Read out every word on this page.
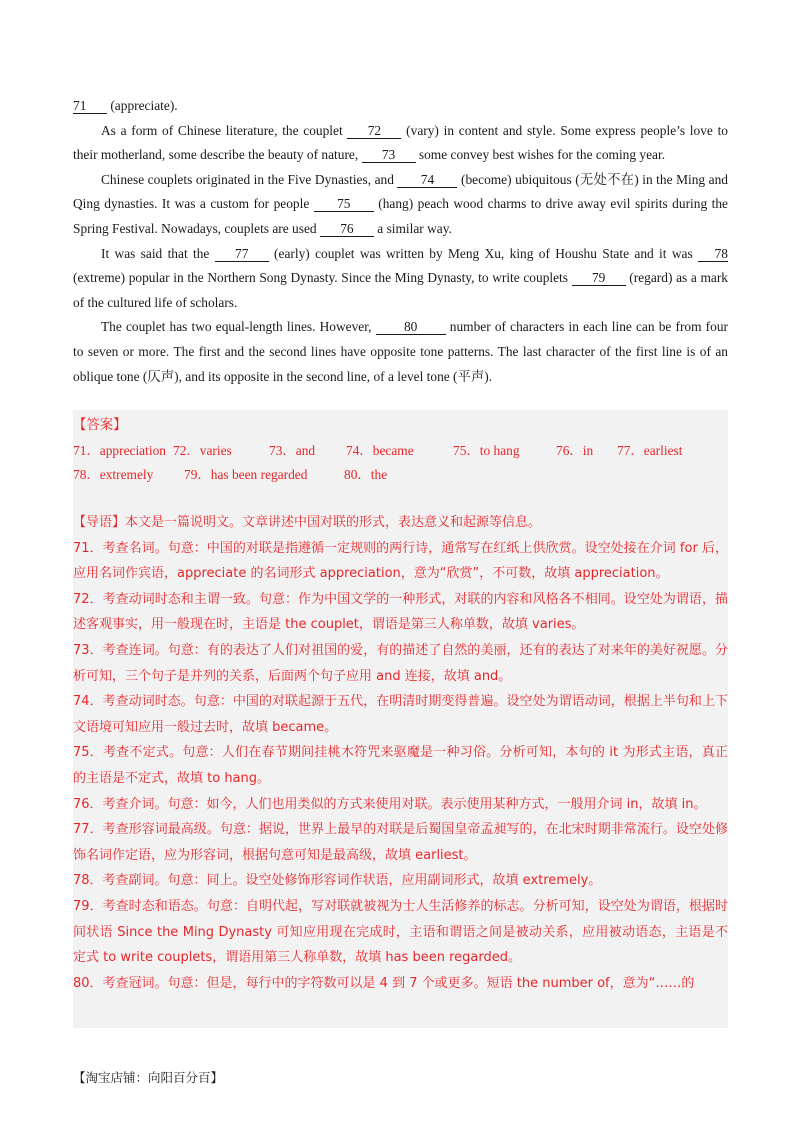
71 (appreciate).

As a form of Chinese literature, the couplet 72 (vary) in content and style. Some express people’s love to their motherland, some describe the beauty of nature, 73 some convey best wishes for the coming year.

Chinese couplets originated in the Five Dynasties, and 74 (become) ubiquitous (无处不在) in the Ming and Qing dynasties. It was a custom for people 75 (hang) peach wood charms to drive away evil spirits during the Spring Festival. Nowadays, couplets are used 76 a similar way.

It was said that the 77 (early) couplet was written by Meng Xu, king of Houshu State and it was 78 (extreme) popular in the Northern Song Dynasty. Since the Ming Dynasty, to write couplets 79 (regard) as a mark of the cultured life of scholars.

The couplet has two equal-length lines. However, 80 number of characters in each line can be from four to seven or more. The first and the second lines have opposite tone patterns. The last character of the first line is of an oblique tone (仄声), and its opposite in the second line, of a level tone (平声).

【答案】
71．appreciation 72．varies	73．and 74．became	75．to hang	76．in 77．earliest
78．extremely 79．has been regarded	80．the

【导语】本文是一篇说明文。文章讲述中国对联的形式，表达意义和起源等信息。

71．考查名词。句意：中国的对联是指遵循一定规则的两行诗，通常写在红纸上供欣赏。设空处接在介词 for 后，应用名词作宾语，appreciate 的名词形式 appreciation，意为“欣赏”，不可数，故填 appreciation。

72．考查动词时态和主谓一致。句意：作为中国文学的一种形式，对联的内容和风格各不相同。设空处为谓语，描述客观事实，用一般现在时，主语是 the couplet，谓语是第三人称单数，故填 varies。

73．考查连词。句意：有的表达了人们对祖国的爱，有的描述了自然的美丽，还有的表达了对来年的美好祝愿。分析可知，三个句子是并列的关系，后面两个句子应用 and 连接，故填 and。

74．考查动词时态。句意：中国的对联起源于五代，在明清时期变得普遍。设空处为谓语动词，根据上半句和上下文语境可知应用一般过去时，故填 became。

75．考查不定式。句意：人们在春节期间挂桃木符咒来驱魔是一种习俗。分析可知，本句的 it 为形式主语，真正的主语是不定式，故填 to hang。

76．考查介词。句意：如今，人们也用类似的方式来使用对联。表示使用某种方式，一般用介词 in，故填 in。

77．考查形容词最高级。句意：据说，世界上最早的对联是后蜀国皇帝孟昶写的，在北宋时期非常流行。设空处修饰名词作定语，应为形容词，根据句意可知是最高级，故填 earliest。

78．考查副词。句意：同上。设空处修饰形容词作状语，应用副词形式，故填 extremely。

79．考查时态和语态。句意：自明代起，写对联就被视为士人生活修养的标志。分析可知，设空处为谓语，根据时间状语 Since the Ming Dynasty 可知应用现在完成时，主语和谓语之间是被动关系，应用被动语态，主语是不定式 to write couplets，谓语用第三人称单数，故填 has been regarded。

80．考查冠词。句意：但是，每行中的字符数可以是 4 到 7 个或更多。短语 the number of，意为“……的

【淘宝店铺：向阳百分百】
